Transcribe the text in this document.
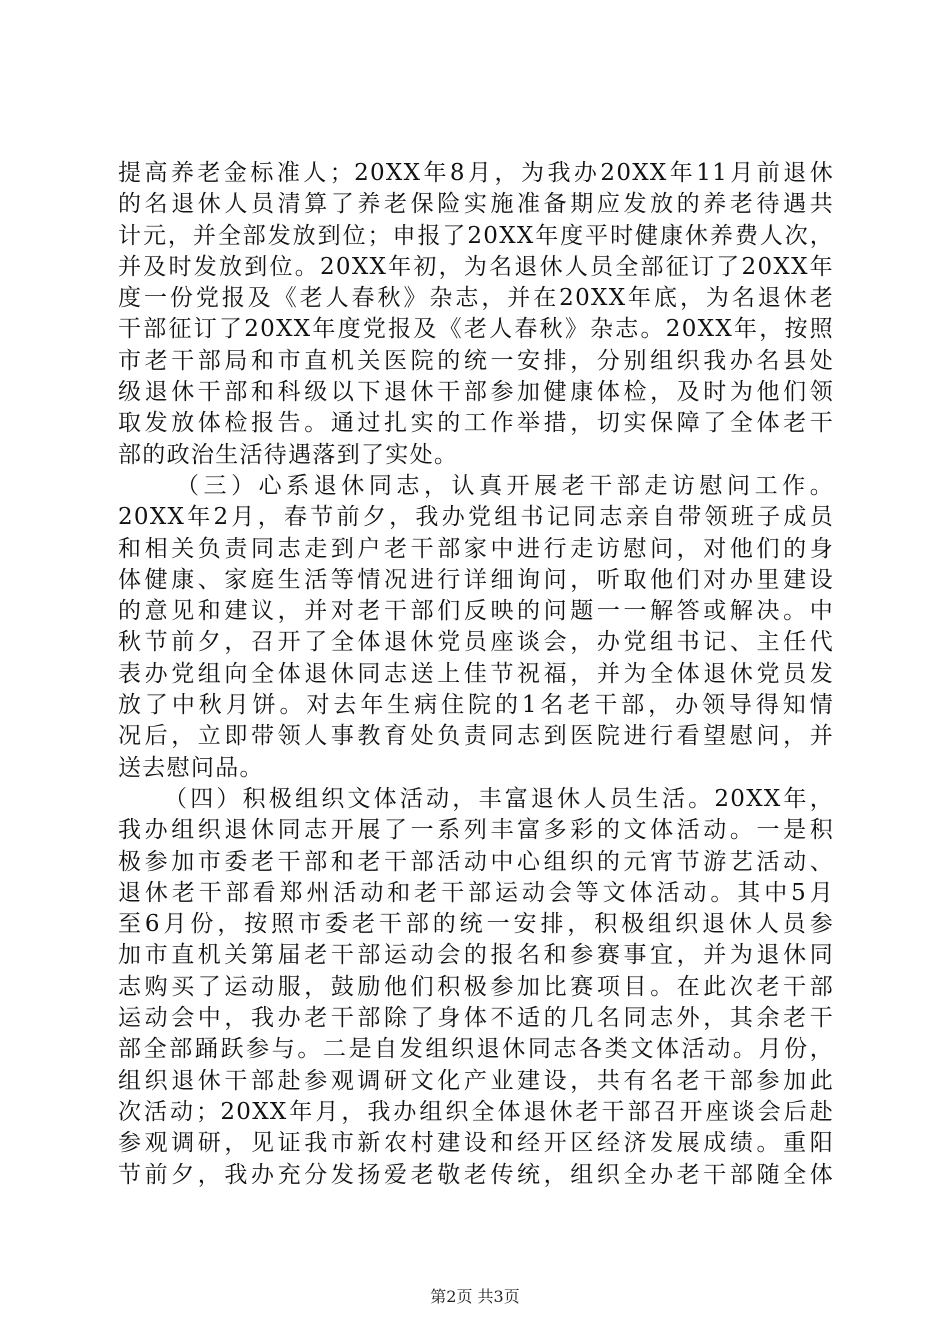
提高养老金标准人；20XX年8月，为我办20XX年11月前退休
的名退休人员清算了养老保险实施准备期应发放的养老待遇共
计元，并全部发放到位；申报了20XX年度平时健康休养费人次，
并及时发放到位。20XX年初，为名退休人员全部征订了20XX年
度一份党报及《老人春秋》杂志，并在20XX年底，为名退休老
干部征订了20XX年度党报及《老人春秋》杂志。20XX年，按照
市老干部局和市直机关医院的统一安排，分别组织我办名县处
级退休干部和科级以下退休干部参加健康体检，及时为他们领
取发放体检报告。通过扎实的工作举措，切实保障了全体老干
部的政治生活待遇落到了实处。
（三）心系退休同志，认真开展老干部走访慰问工作。
20XX年2月，春节前夕，我办党组书记同志亲自带领班子成员
和相关负责同志走到户老干部家中进行走访慰问，对他们的身
体健康、家庭生活等情况进行详细询问，听取他们对办里建设
的意见和建议，并对老干部们反映的问题一一解答或解决。中
秋节前夕，召开了全体退休党员座谈会，办党组书记、主任代
表办党组向全体退休同志送上佳节祝福，并为全体退休党员发
放了中秋月饼。对去年生病住院的1名老干部，办领导得知情
况后，立即带领人事教育处负责同志到医院进行看望慰问，并
送去慰问品。
（四）积极组织文体活动，丰富退休人员生活。20XX年，
我办组织退休同志开展了一系列丰富多彩的文体活动。一是积
极参加市委老干部和老干部活动中心组织的元宵节游艺活动、
退休老干部看郑州活动和老干部运动会等文体活动。其中5月
至6月份，按照市委老干部的统一安排，积极组织退休人员参
加市直机关第届老干部运动会的报名和参赛事宜，并为退休同
志购买了运动服，鼓励他们积极参加比赛项目。在此次老干部
运动会中，我办老干部除了身体不适的几名同志外，其余老干
部全部踊跃参与。二是自发组织退休同志各类文体活动。月份，
组织退休干部赴参观调研文化产业建设，共有名老干部参加此
次活动；20XX年月，我办组织全体退休老干部召开座谈会后赴
参观调研，见证我市新农村建设和经开区经济发展成绩。重阳
节前夕，我办充分发扬爱老敬老传统，组织全办老干部随全体
第2页 共3页
